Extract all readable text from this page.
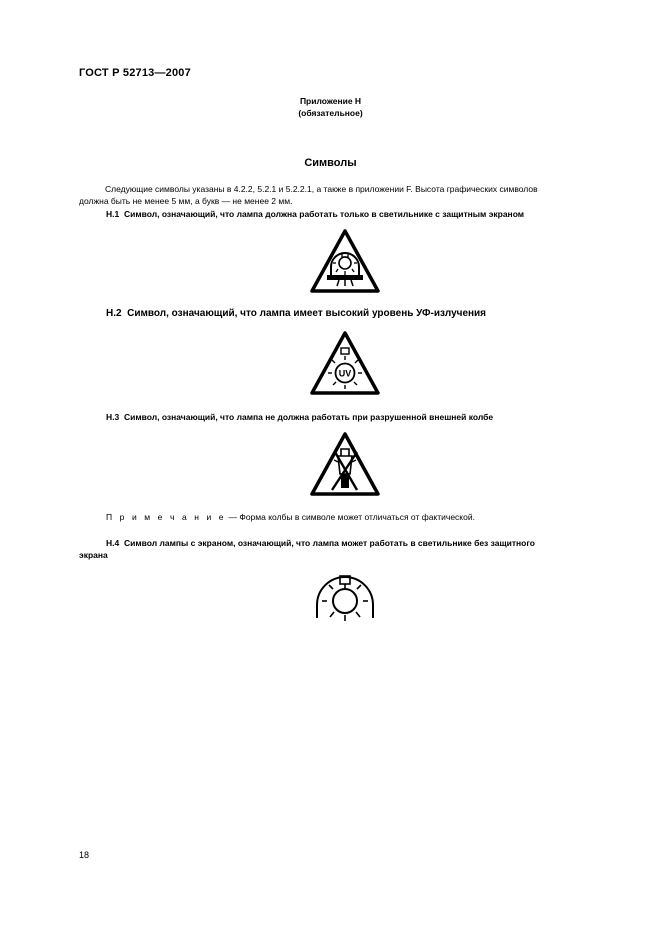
ГОСТ Р 52713—2007
Приложение Н
(обязательное)
Символы
Следующие символы указаны в 4.2.2, 5.2.1 и 5.2.2.1, а также в приложении F. Высота графических символов
должна быть не менее 5 мм, а букв — не менее 2 мм.
Н.1 Символ, означающий, что лампа должна работать только в светильнике с защитным экраном
Н.2 Символ, означающий, что лампа имеет высокий уровень УФ-излучения
UV
Н.3 Символ, означающий, что лампа не должна работать при разрушенной внешней колбе
П р и м е ч а н и е — Форма колбы в символе может отличаться от фактической.
Н.4 Символ лампы с экраном, означающий, что лампа может работать в светильнике без защитного
экрана
18
